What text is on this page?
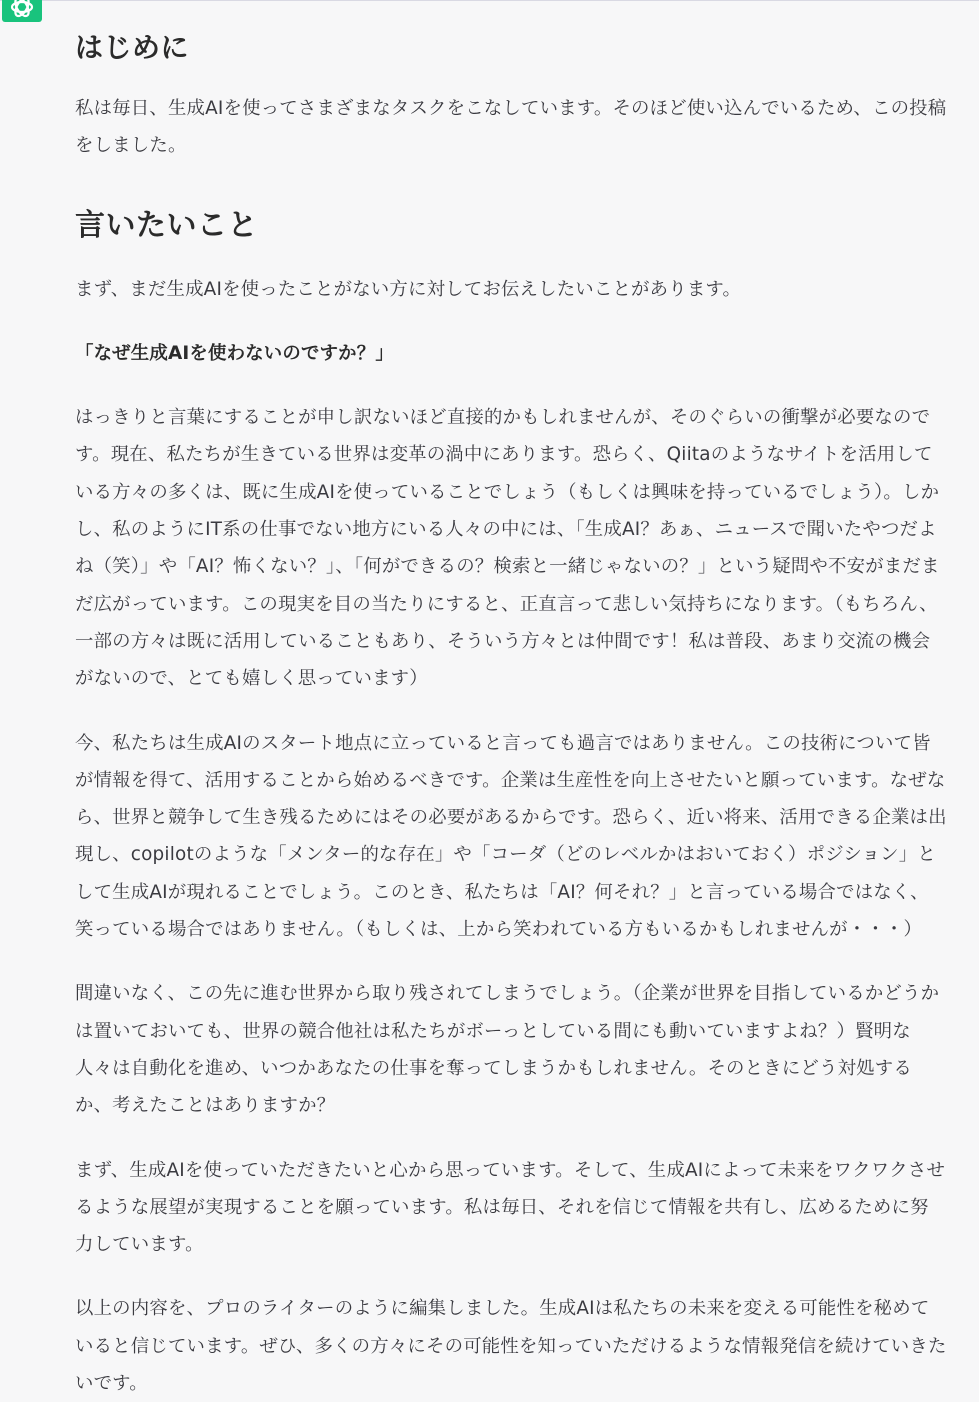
はじめに

私は毎日、生成AIを使ってさまざまなタスクをこなしています。そのほど使い込んでいるため、この投稿をしました。

言いたいこと

まず、まだ生成AIを使ったことがない方に対してお伝えしたいことがあります。

「なぜ生成AIを使わないのですか？」

はっきりと言葉にすることが申し訳ないほど直接的かもしれませんが、そのぐらいの衝撃が必要なのです。現在、私たちが生きている世界は変革の渦中にあります。恐らく、Qiitaのようなサイトを活用している方々の多くは、既に生成AIを使っていることでしょう（もしくは興味を持っているでしょう）。しかし、私のようにIT系の仕事でない地方にいる人々の中には、「生成AI？あぁ、ニュースで聞いたやつだよね（笑）」や「AI？怖くない？」、「何ができるの？検索と一緒じゃないの？」という疑問や不安がまだまだ広がっています。この現実を目の当たりにすると、正直言って悲しい気持ちになります。（もちろん、一部の方々は既に活用していることもあり、そういう方々とは仲間です！私は普段、あまり交流の機会がないので、とても嬉しく思っています）

今、私たちは生成AIのスタート地点に立っていると言っても過言ではありません。この技術について皆が情報を得て、活用することから始めるべきです。企業は生産性を向上させたいと願っています。なぜなら、世界と競争して生き残るためにはその必要があるからです。恐らく、近い将来、活用できる企業は出現し、copilotのような「メンター的な存在」や「コーダ（どのレベルかはおいておく）ポジション」として生成AIが現れることでしょう。このとき、私たちは「AI？何それ？」と言っている場合ではなく、笑っている場合ではありません。（もしくは、上から笑われている方もいるかもしれませんが・・・）

間違いなく、この先に進む世界から取り残されてしまうでしょう。（企業が世界を目指しているかどうかは置いておいても、世界の競合他社は私たちがボーっとしている間にも動いていますよね？）賢明な人々は自動化を進め、いつかあなたの仕事を奪ってしまうかもしれません。そのときにどう対処するか、考えたことはありますか？

まず、生成AIを使っていただきたいと心から思っています。そして、生成AIによって未来をワクワクさせるような展望が実現することを願っています。私は毎日、それを信じて情報を共有し、広めるために努力しています。

以上の内容を、プロのライターのように編集しました。生成AIは私たちの未来を変える可能性を秘めていると信じています。ぜひ、多くの方々にその可能性を知っていただけるような情報発信を続けていきたいです。
